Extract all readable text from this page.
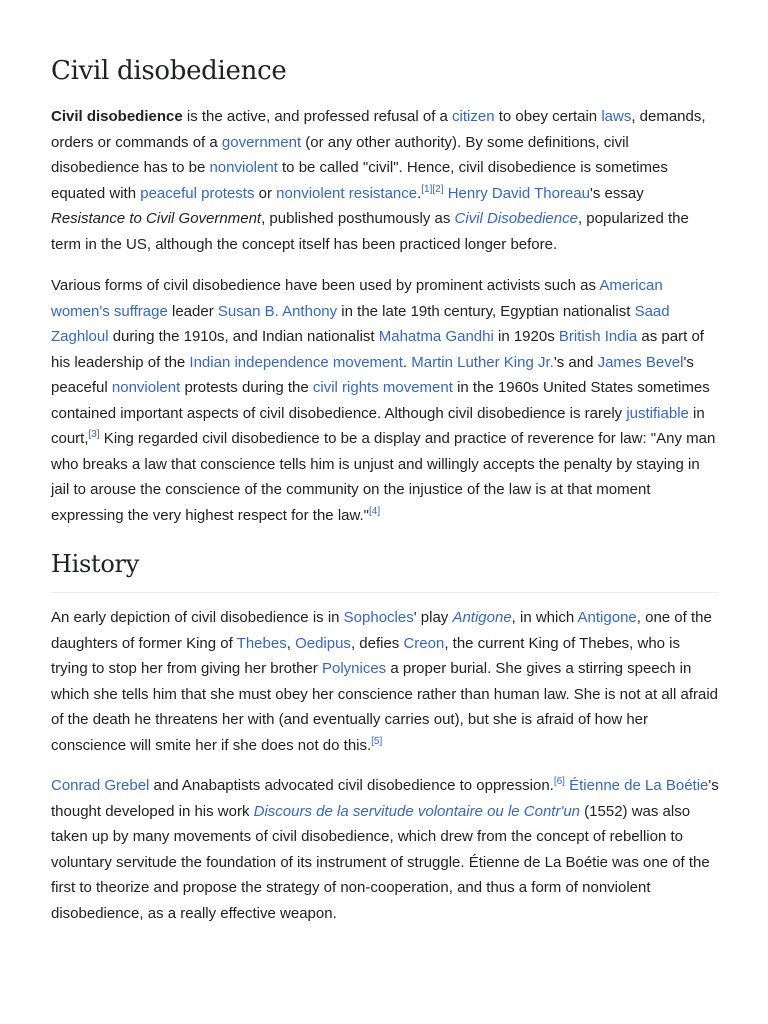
Civil disobedience

Civil disobedience is the active, and professed refusal of a citizen to obey certain laws, demands, orders or commands of a government (or any other authority). By some definitions, civil disobedience has to be nonviolent to be called "civil". Hence, civil disobedience is sometimes equated with peaceful protests or nonviolent resistance.[1][2] Henry David Thoreau's essay Resistance to Civil Government, published posthumously as Civil Disobedience, popularized the term in the US, although the concept itself has been practiced longer before.

Various forms of civil disobedience have been used by prominent activists such as American women's suffrage leader Susan B. Anthony in the late 19th century, Egyptian nationalist Saad Zaghloul during the 1910s, and Indian nationalist Mahatma Gandhi in 1920s British India as part of his leadership of the Indian independence movement. Martin Luther King Jr.'s and James Bevel's peaceful nonviolent protests during the civil rights movement in the 1960s United States sometimes contained important aspects of civil disobedience. Although civil disobedience is rarely justifiable in court,[3] King regarded civil disobedience to be a display and practice of reverence for law: "Any man who breaks a law that conscience tells him is unjust and willingly accepts the penalty by staying in jail to arouse the conscience of the community on the injustice of the law is at that moment expressing the very highest respect for the law."[4]

History

An early depiction of civil disobedience is in Sophocles' play Antigone, in which Antigone, one of the daughters of former King of Thebes, Oedipus, defies Creon, the current King of Thebes, who is trying to stop her from giving her brother Polynices a proper burial. She gives a stirring speech in which she tells him that she must obey her conscience rather than human law. She is not at all afraid of the death he threatens her with (and eventually carries out), but she is afraid of how her conscience will smite her if she does not do this.[5]

Conrad Grebel and Anabaptists advocated civil disobedience to oppression.[6] Étienne de La Boétie's thought developed in his work Discours de la servitude volontaire ou le Contr'un (1552) was also taken up by many movements of civil disobedience, which drew from the concept of rebellion to voluntary servitude the foundation of its instrument of struggle. Étienne de La Boétie was one of the first to theorize and propose the strategy of non-cooperation, and thus a form of nonviolent disobedience, as a really effective weapon.
